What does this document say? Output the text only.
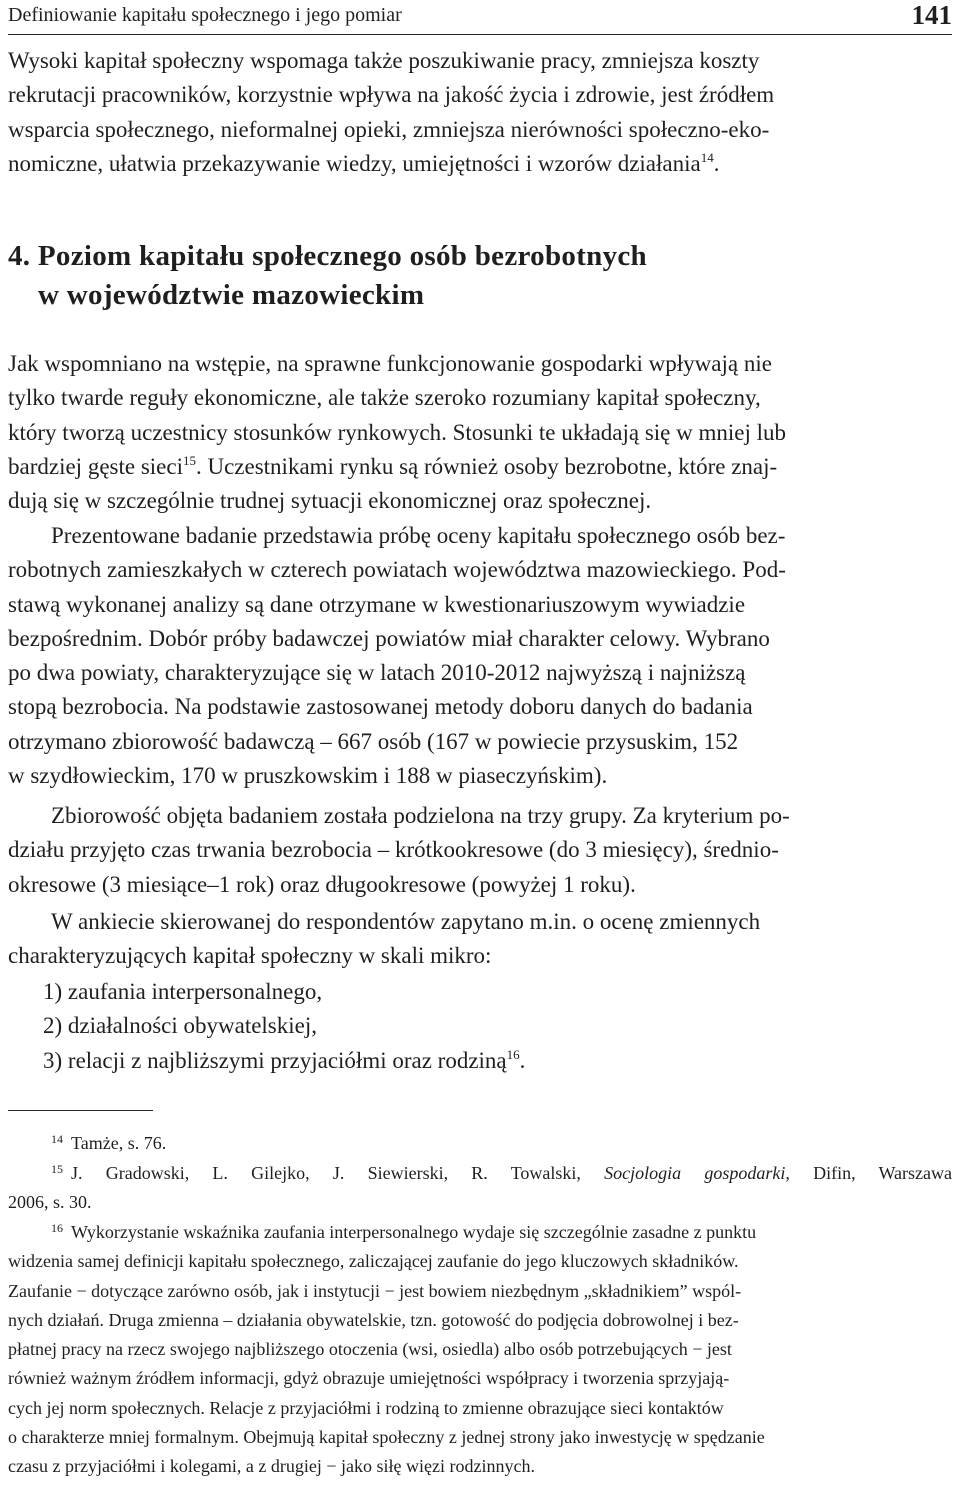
Definiowanie kapitału społecznego i jego pomiar	141

Wysoki kapitał społeczny wspomaga także poszukiwanie pracy, zmniejsza koszty
rekrutacji pracowników, korzystnie wpływa na jakość życia i zdrowie, jest źródłem
wsparcia społecznego, nieformalnej opieki, zmniejsza nierówności społeczno-eko-
nomiczne, ułatwia przekazywanie wiedzy, umiejętności i wzorów działania$^{14}$.

4. Poziom kapitału społecznego osób bezrobotnych
w województwie mazowieckim

Jak wspomniano na wstępie, na sprawne funkcjonowanie gospodarki wpływają nie
tylko twarde reguły ekonomiczne, ale także szeroko rozumiany kapitał społeczny,
który tworzą uczestnicy stosunków rynkowych. Stosunki te układają się w mniej lub
bardziej gęste sieci$^{15}$. Uczestnikami rynku są również osoby bezrobotne, które znaj-
dują się w szczególnie trudnej sytuacji ekonomicznej oraz społecznej.

Prezentowane badanie przedstawia próbę oceny kapitału społecznego osób bez-
robotnych zamieszkałych w czterech powiatach województwa mazowieckiego. Pod-
stawą wykonanej analizy są dane otrzymane w kwestionariuszowym wywiadzie
bezpośrednim. Dobór próby badawczej powiatów miał charakter celowy. Wybrano
po dwa powiaty, charakteryzujące się w latach 2010-2012 najwyższą i najniższą
stopą bezrobocia. Na podstawie zastosowanej metody doboru danych do badania
otrzymano zbiorowość badawczą – 667 osób (167 w powiecie przysuskim, 152
w szydłowieckim, 170 w pruszkowskim i 188 w piaseczyńskim).

Zbiorowość objęta badaniem została podzielona na trzy grupy. Za kryterium po-
działu przyjęto czas trwania bezrobocia – krótkookresowe (do 3 miesięcy), średnio-
okresowe (3 miesiące–1 rok) oraz długookresowe (powyżej 1 roku).

W ankiecie skierowanej do respondentów zapytano m.in. o ocenę zmiennych
charakteryzujących kapitał społeczny w skali mikro:

1) zaufania interpersonalnego,
2) działalności obywatelskiej,
3) relacji z najbliższymi przyjaciółmi oraz rodziną$^{16}$.

$^{14}$ Tamże, s. 76.

$^{15}$ J. Gradowski, L. Gilejko, J. Siewierski, R. Towalski, Socjologia gospodarki, Difin, Warszawa
2006, s. 30.

$^{16}$ Wykorzystanie wskaźnika zaufania interpersonalnego wydaje się szczególnie zasadne z punktu
widzenia samej definicji kapitału społecznego, zaliczającej zaufanie do jego kluczowych składników.
Zaufanie − dotyczące zarówno osób, jak i instytucji − jest bowiem niezbędnym „składnikiem” wspól-
nych działań. Druga zmienna – działania obywatelskie, tzn. gotowość do podjęcia dobrowolnej i bez-
płatnej pracy na rzecz swojego najbliższego otoczenia (wsi, osiedla) albo osób potrzebujących − jest
również ważnym źródłem informacji, gdyż obrazuje umiejętności współpracy i tworzenia sprzyjają-
cych jej norm społecznych. Relacje z przyjaciółmi i rodziną to zmienne obrazujące sieci kontaktów
o charakterze mniej formalnym. Obejmują kapitał społeczny z jednej strony jako inwestycję w spędzanie
czasu z przyjaciółmi i kolegami, a z drugiej − jako siłę więzi rodzinnych.
